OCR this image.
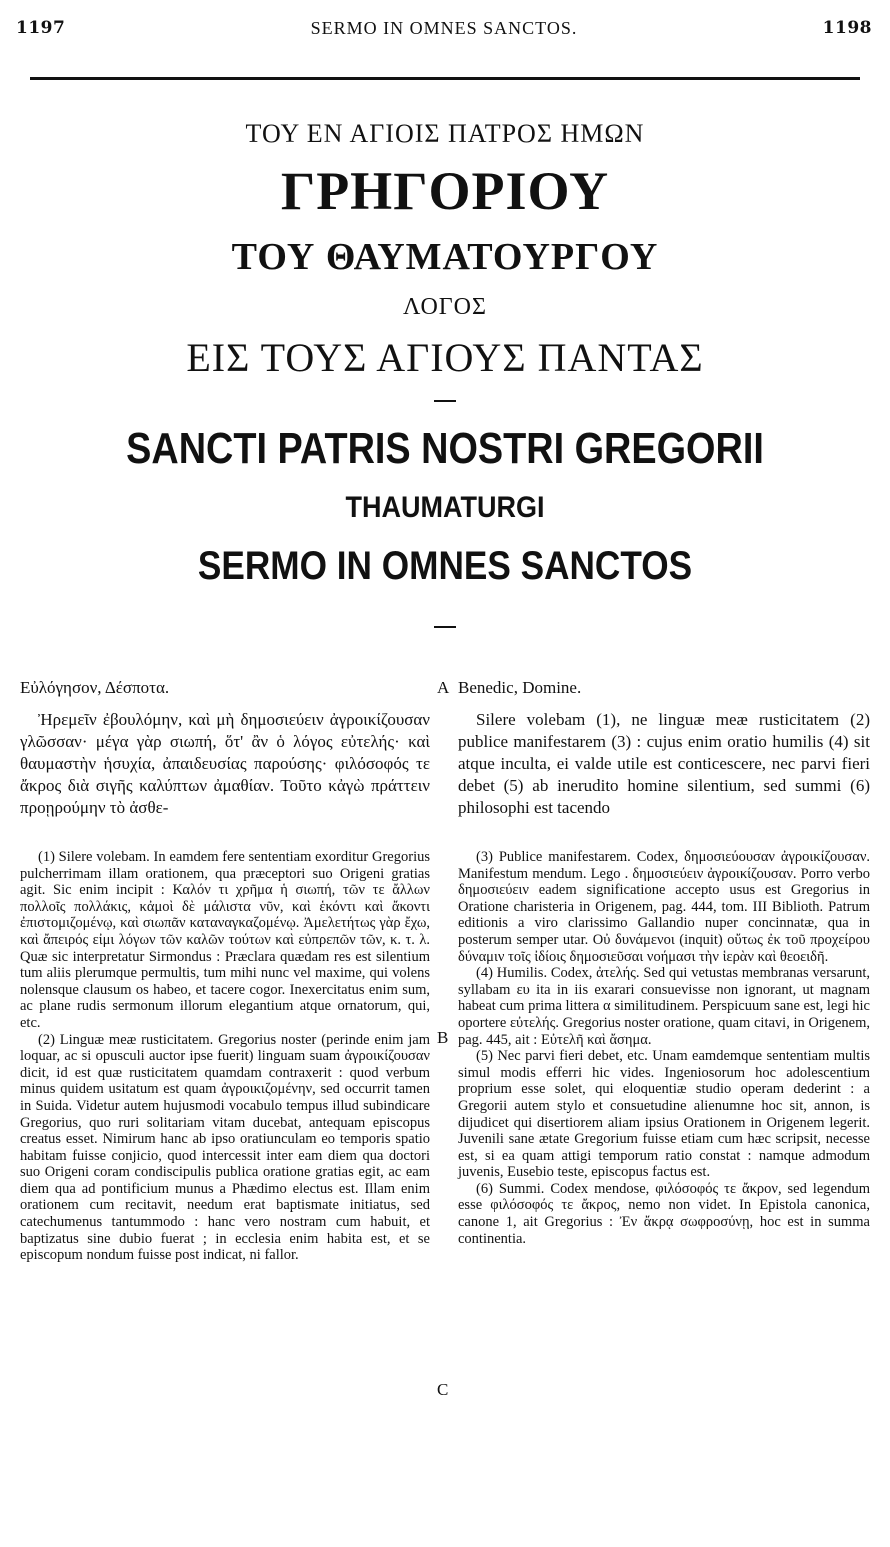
1197	SERMO IN OMNES SANCTOS.	1198
ΤΟΥ ΕΝ ΑΓΙΟΙΣ ΠΑΤΡΟΣ ΗΜΩΝ
ΓΡΗΓΟΡΙΟΥ
ΤΟΥ ΘΑΥΜΑΤΟΥΡΓΟΥ
ΛΟΓΟΣ
ΕΙΣ ΤΟΥΣ ΑΓΙΟΥΣ ΠΑΝΤΑΣ
SANCTI PATRIS NOSTRI GREGORII
THAUMATURGI
SERMO IN OMNES SANCTOS

Εὐλόγησον, Δέσποτα.

Ἠρεμεῖν ἐβουλόμην, καὶ μὴ δημοσιεύειν ἀγροικίζουσαν γλῶσσαν· μέγα γὰρ σιωπή, ὅτ' ἂν ὁ λόγος εὐτελής· καὶ θαυμαστὴν ἡσυχία, ἀπαιδευσίας παρούσης· φιλόσοφός τε ἄκρος διὰ σιγῆς καλύπτων ἀμαθίαν. Τοῦτο κἀγὼ πράττειν προῃρούμην τὸ ἀσθε-

Benedic, Domine.

Silere volebam (1), ne linguæ meæ rusticitatem (2) publice manifestarem (3) : cujus enim oratio humilis (4) sit atque inculta, ei valde utile est conticescere, nec parvi fieri debet (5) ab inerudito homine silentium, sed summi (6) philosophi est tacendo

A
B
C

(1) Silere volebam. In eamdem fere sententiam exorditur Gregorius pulcherrimam illam orationem, qua præceptori suo Origeni gratias agit. Sic enim incipit : Καλόν τι χρῆμα ἡ σιωπή, τῶν τε ἄλλων πολλοῖς πολλάκις, κἀμοὶ δὲ μάλιστα νῦν, καὶ ἑκόντι καὶ ἄκοντι ἐπιστομιζομένῳ, καὶ σιωπᾶν καταναγκαζομένῳ. Ἀμελετήτως γὰρ ἔχω, καὶ ἄπειρός εἰμι λόγων τῶν καλῶν τούτων καὶ εὐπρεπῶν τῶν, κ. τ. λ. Quæ sic interpretatur Sirmondus : Præclara quædam res est silentium tum aliis plerumque permultis, tum mihi nunc vel maxime, qui volens nolensque clausum os habeo, et tacere cogor. Inexercitatus enim sum, ac plane rudis sermonum illorum elegantium atque ornatorum, qui, etc.

(2) Linguæ meæ rusticitatem. Gregorius noster (perinde enim jam loquar, ac si opusculi auctor ipse fuerit) linguam suam ἀγροικίζουσαν dicit, id est quæ rusticitatem quamdam contraxerit : quod verbum minus quidem usitatum est quam ἀγροικιζομένην, sed occurrit tamen in Suida. Videtur autem hujusmodi vocabulo tempus illud subindicare Gregorius, quo ruri solitariam vitam ducebat, antequam episcopus creatus esset. Nimirum hanc ab ipso oratiunculam eo temporis spatio habitam fuisse conjicio, quod intercessit inter eam diem qua doctori suo Origeni coram condiscipulis publica oratione gratias egit, ac eam diem qua ad pontificium munus a Phædimo electus est. Illam enim orationem cum recitavit, needum erat baptismate initiatus, sed catechumenus tantummodo : hanc vero nostram cum habuit, et baptizatus sine dubio fuerat ; in ecclesia enim habita est, et se episcopum nondum fuisse post indicat, ni fallor.

(3) Publice manifestarem. Codex, δημοσιεύουσαν ἀγροικίζουσαν. Manifestum mendum. Lego . δημοσιεύειν ἀγροικίζουσαν. Porro verbo δημοσιεύειν eadem significatione accepto usus est Gregorius in Oratione charisteria in Origenem, pag. 444, tom. III Biblioth. Patrum editionis a viro clarissimo Gallandio nuper concinnatæ, qua in posterum semper utar. Οὐ δυνάμενοι (inquit) οὔτως ἐκ τοῦ προχείρου δύναμιν τοῖς ἰδίοις δημοσιεῦσαι νοήμασι τὴν ἱερὰν καὶ θεοειδῆ.

(4) Humilis. Codex, ἀτελής. Sed qui vetustas membranas versarunt, syllabam ευ ita in iis exarari consuevisse non ignorant, ut magnam habeat cum prima littera α similitudinem. Perspicuum sane est, legi hic oportere εὐτελής. Gregorius noster oratione, quam citavi, in Origenem, pag. 445, ait : Εὐτελῆ καὶ ἄσημα.

(5) Nec parvi fieri debet, etc. Unam eamdemque sententiam multis simul modis efferri hic vides. Ingeniosorum hoc adolescentium proprium esse solet, qui eloquentiæ studio operam dederint : a Gregorii autem stylo et consuetudine alienumne hoc sit, annon, is dijudicet qui disertiorem aliam ipsius Orationem in Origenem legerit. Juvenili sane ætate Gregorium fuisse etiam cum hæc scripsit, necesse est, si ea quam attigi temporum ratio constat : namque admodum juvenis, Eusebio teste, episcopus factus est.

(6) Summi. Codex mendose, φιλόσοφός τε ἄκρον, sed legendum esse φιλόσοφός τε ἄκρος, nemo non videt. In Epistola canonica, canone 1, ait Gregorius : Ἐν ἄκρᾳ σωφροσύνῃ, hoc est in summa continentia.
